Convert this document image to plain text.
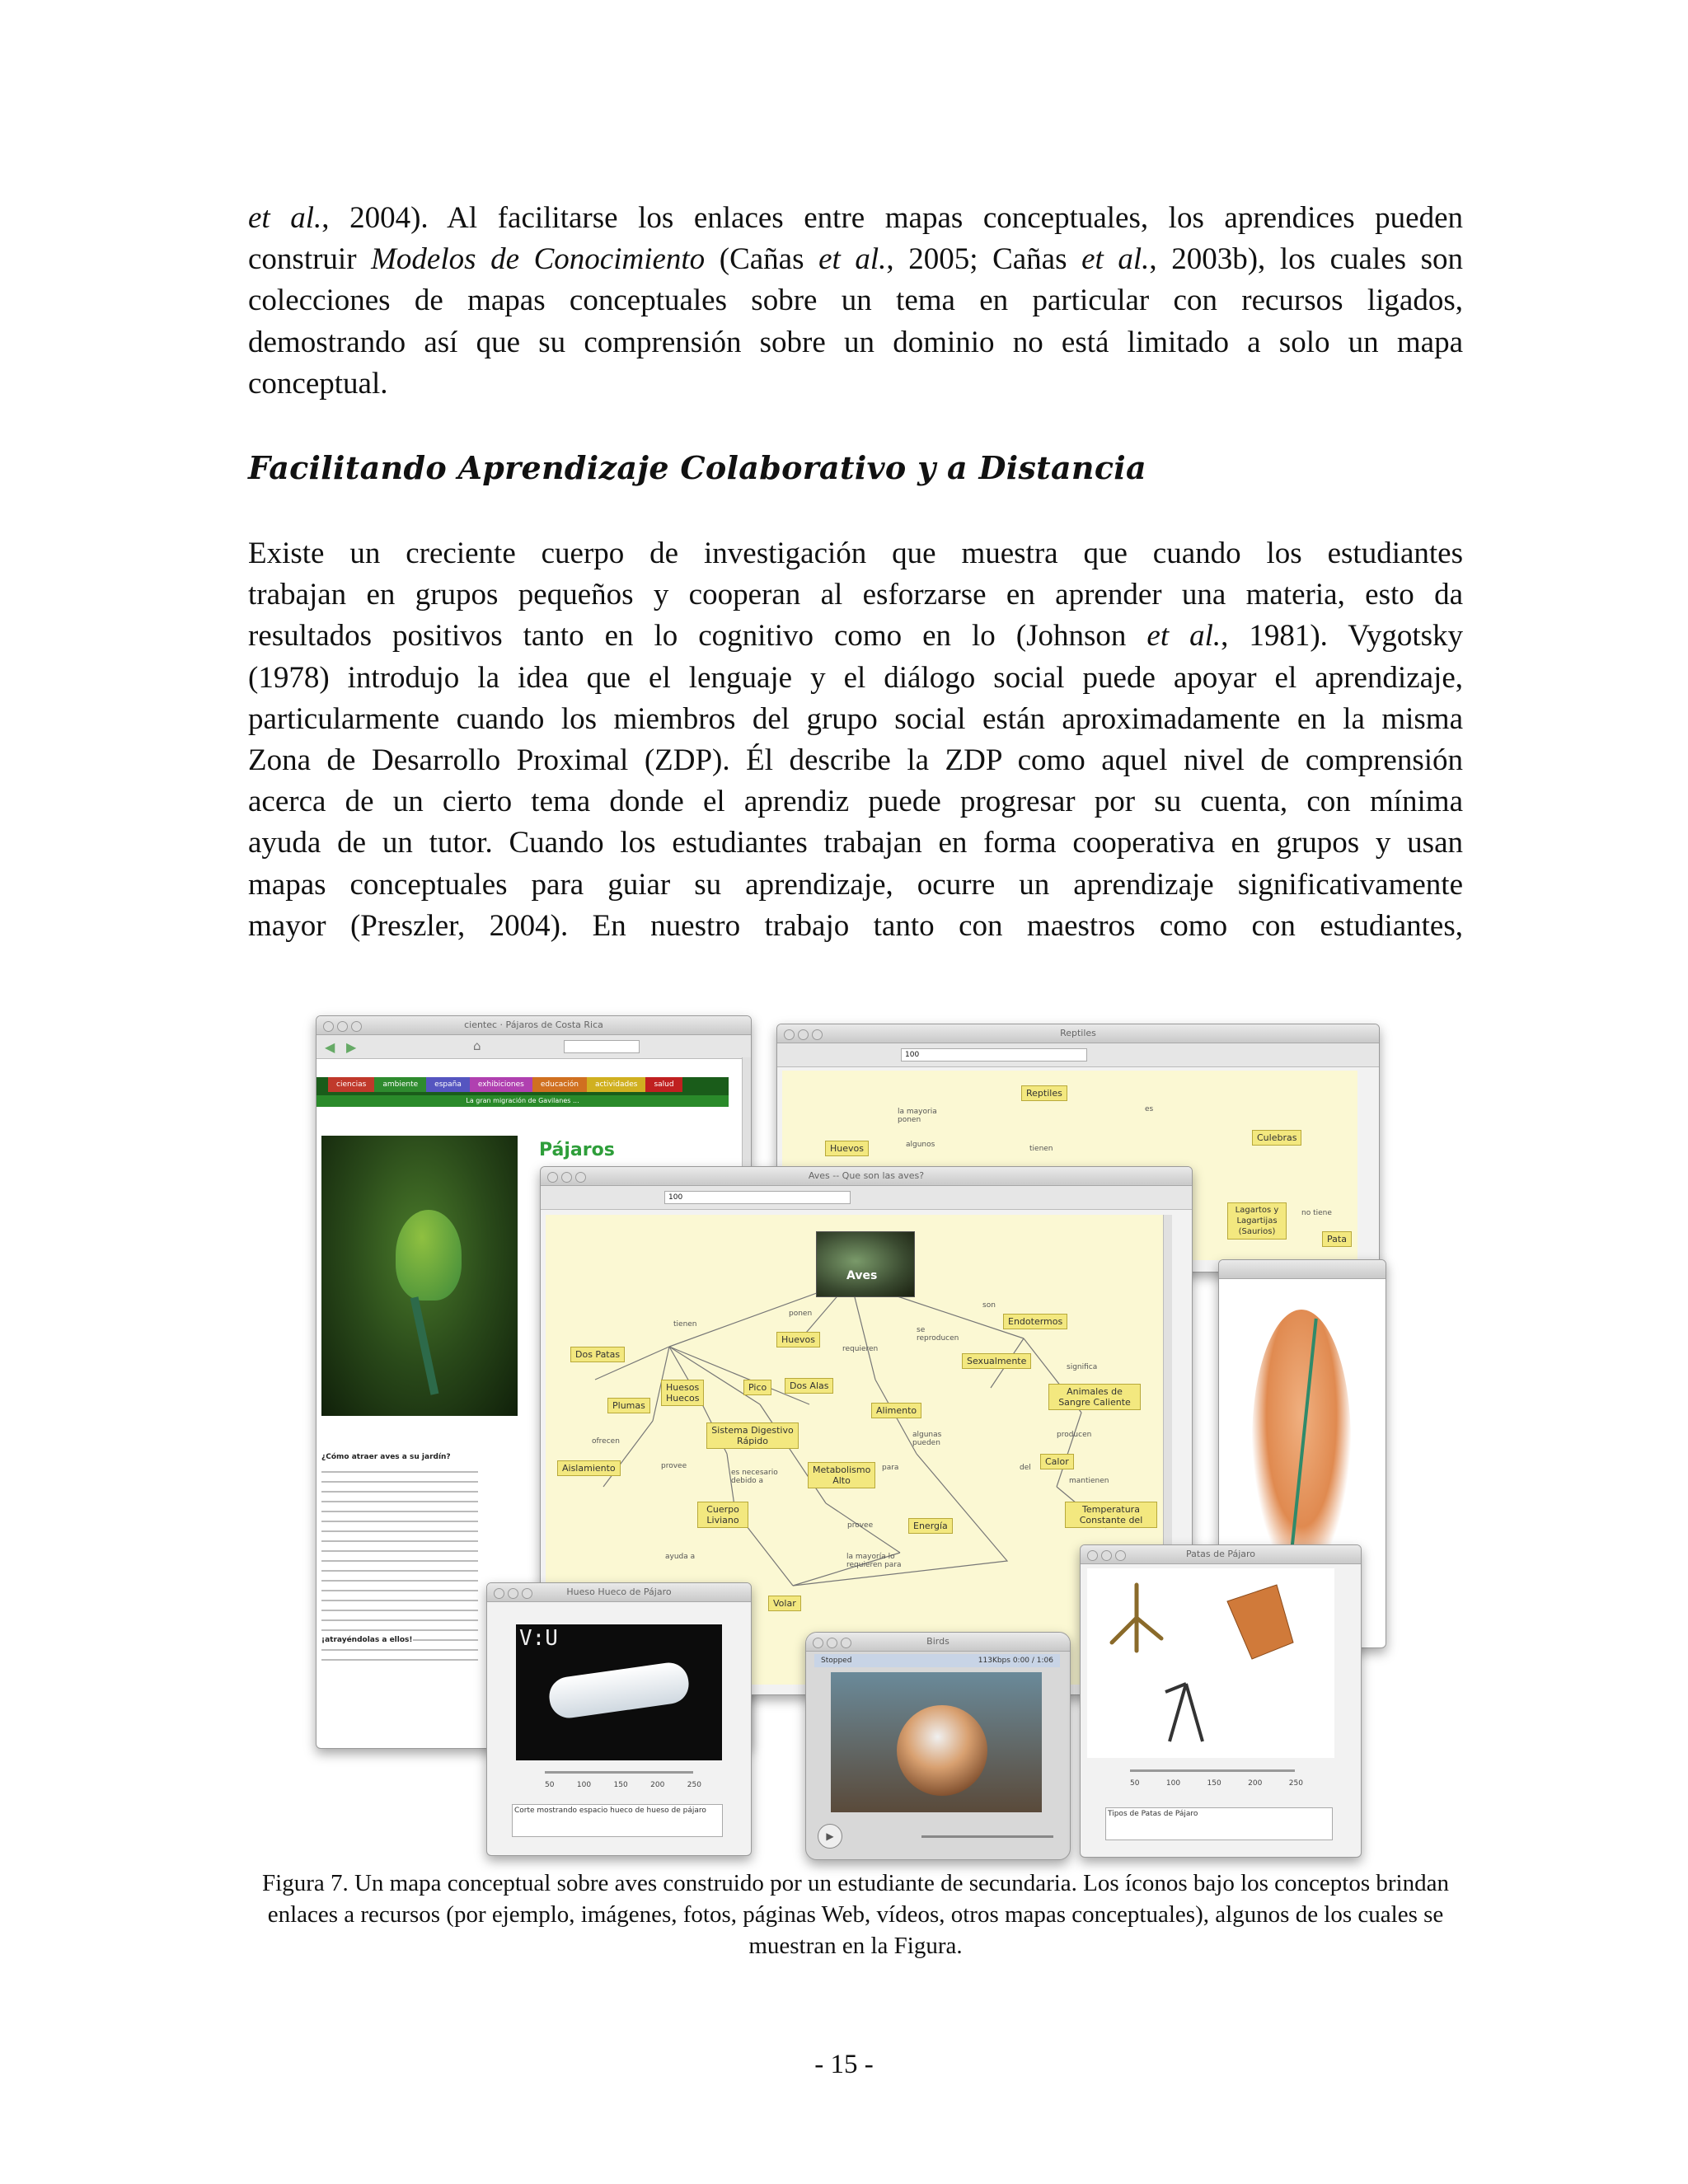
et al., 2004). Al facilitarse los enlaces entre mapas conceptuales, los aprendices pueden
construir Modelos de Conocimiento (Cañas et al., 2005; Cañas et al., 2003b), los cuales son
colecciones de mapas conceptuales sobre un tema en particular con recursos ligados,
demostrando así que su comprensión sobre un dominio no está limitado a solo un mapa
conceptual.
Facilitando Aprendizaje Colaborativo y a Distancia
Existe un creciente cuerpo de investigación que muestra que cuando los estudiantes
trabajan en grupos pequeños y cooperan al esforzarse en aprender una materia, esto da
resultados positivos tanto en lo cognitivo como en lo (Johnson et al., 1981). Vygotsky
(1978) introdujo la idea que el lenguaje y el diálogo social puede apoyar el aprendizaje,
particularmente cuando los miembros del grupo social están aproximadamente en la misma
Zona de Desarrollo Proximal (ZDP). Él describe la ZDP como aquel nivel de comprensión
acerca de un cierto tema donde el aprendiz puede progresar por su cuenta, con mínima
ayuda de un tutor. Cuando los estudiantes trabajan en forma cooperativa en grupos y usan
mapas conceptuales para guiar su aprendizaje, ocurre un aprendizaje significativamente
mayor (Preszler, 2004). En nuestro trabajo tanto con maestros como con estudiantes,
cientec · Pájaros de Costa Rica
◀ ▶	⌂
ciencias ambiente españa exhibiciones educación actividades salud
La gran migración de Gavilanes ...
Pájaros
¿Cómo atraer aves a su jardín?
¡atrayéndolas a ellos!
Reptiles
100
Reptiles
Huevos
Culebras
Lagartos y Lagartijas (Saurios)
Pata
la mayoria ponen
algunos	tienen
es
no tiene
Aves -- Que son las aves?
100
Aves
Dos Patas
Huevos
Endotermos
Sexualmente
Plumas
Huesos Huecos
Pico	Dos Alas
Alimento
Animales de Sangre Caliente
Aislamiento
Sistema Digestivo Rápido
Metabolismo Alto
Calor
Cuerpo Liviano
Energía
Temperatura Constante del
Volar
tienen
ponen
son
requieren
se reproducen
significa
ofrecen
algunas pueden
producen
mantienen
provee
es necesario debido a
para	del
provee
la mayoría lo requieren para
ayuda a
Hueso Hueco de Pájaro
V:U
50	100	150	200	250
Corte mostrando espacio hueco de hueso de pájaro
Birds
Stopped	113Kbps 0:00 / 1:06
▶
Patas de Pájaro
50	100	150	200	250
Tipos de Patas de Pájaro
Figura 7. Un mapa conceptual sobre aves construido por un estudiante de secundaria. Los íconos bajo los conceptos brindan enlaces a recursos (por ejemplo, imágenes, fotos, páginas Web, vídeos, otros mapas conceptuales), algunos de los cuales se muestran en la Figura.
- 15 -
